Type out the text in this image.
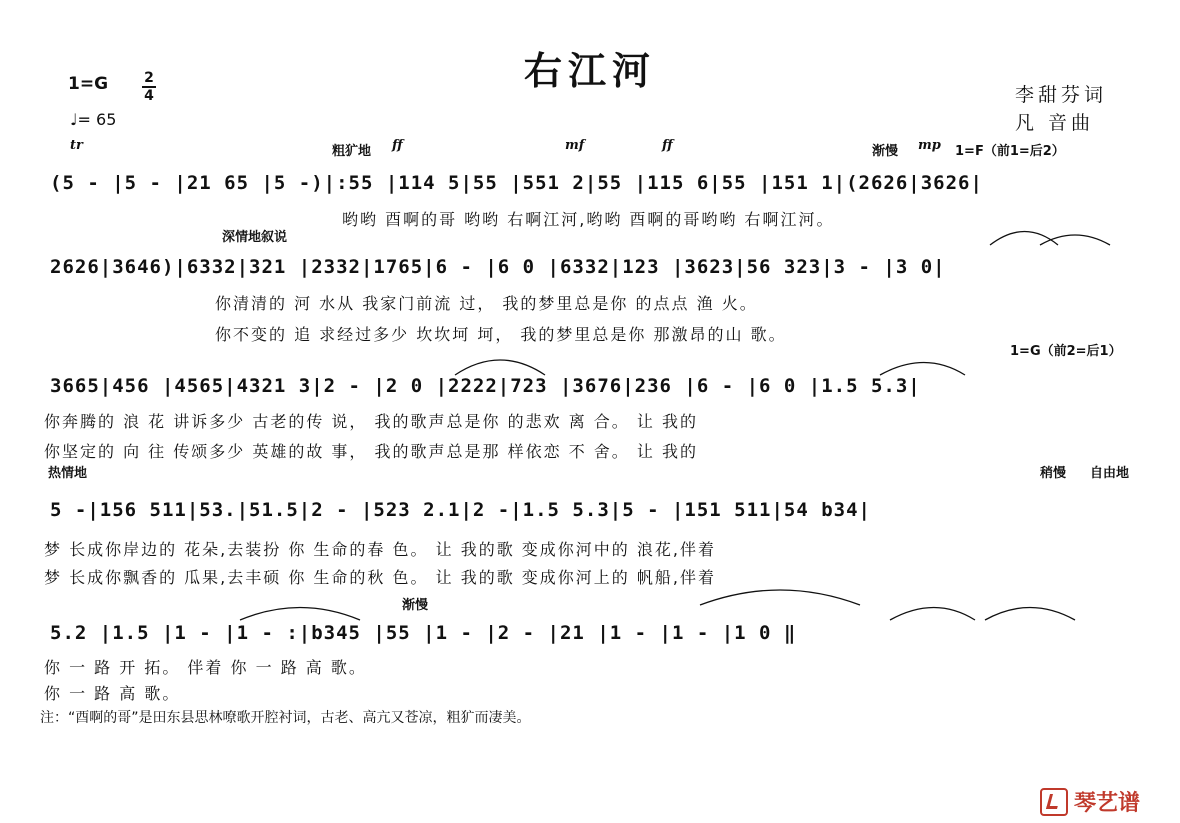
右江河
1=G	2
4
♩= 65
李甜芬词
凡 音曲
tr	粗犷地 ff	mf	ff	渐慢 mp 1=F（前1=后2）
深情地叙说
1=G（前2=后1）
热情地	稍慢 自由地
渐慢
(5 - |5 - |21 65 |5 -)|:55 |114 5|55 |551 2|55 |115 6|55 |151 1|(2626|3626|
哟哟 酉啊的哥 哟哟 右啊江河,哟哟 酉啊的哥哟哟 右啊江河。
2626|3646)|6332|321 |2332|1765|6 - |6 0 |6332|123 |3623|56 323|3 - |3 0|
你清清的 河 水从 我家门前流 过， 我的梦里总是你 的点点 渔 火。
你不变的 追 求经过多少 坎坎坷 坷， 我的梦里总是你 那激昂的山 歌。
3665|456 |4565|4321 3|2 - |2 0 |2222|723 |3676|236 |6 - |6 0 |1.5 5.3|
你奔腾的 浪 花 讲诉多少 古老的传 说， 我的歌声总是你 的悲欢 离 合。 让 我的
你坚定的 向 往 传颂多少 英雄的故 事， 我的歌声总是那 样依恋 不 舍。 让 我的
5 -|156 511|53.|51.5|2 - |523 2.1|2 -|1.5 5.3|5 - |151 511|54 b34|
梦 长成你岸边的 花朵,去装扮 你 生命的春 色。 让 我的歌 变成你河中的 浪花,伴着
梦 长成你飘香的 瓜果,去丰硕 你 生命的秋 色。 让 我的歌 变成你河上的 帆船,伴着
5.2 |1.5 |1 - |1 - :|b345 |55 |1 - |2 - |21 |1 - |1 - |1 0 ‖
你 一 路 开 拓。 伴着 你 一 路 高 歌。
你 一 路 高 歌。
注：“酉啊的哥”是田东县思林嘹歌开腔衬词，古老、高亢又苍凉，粗犷而凄美。
琴艺谱
